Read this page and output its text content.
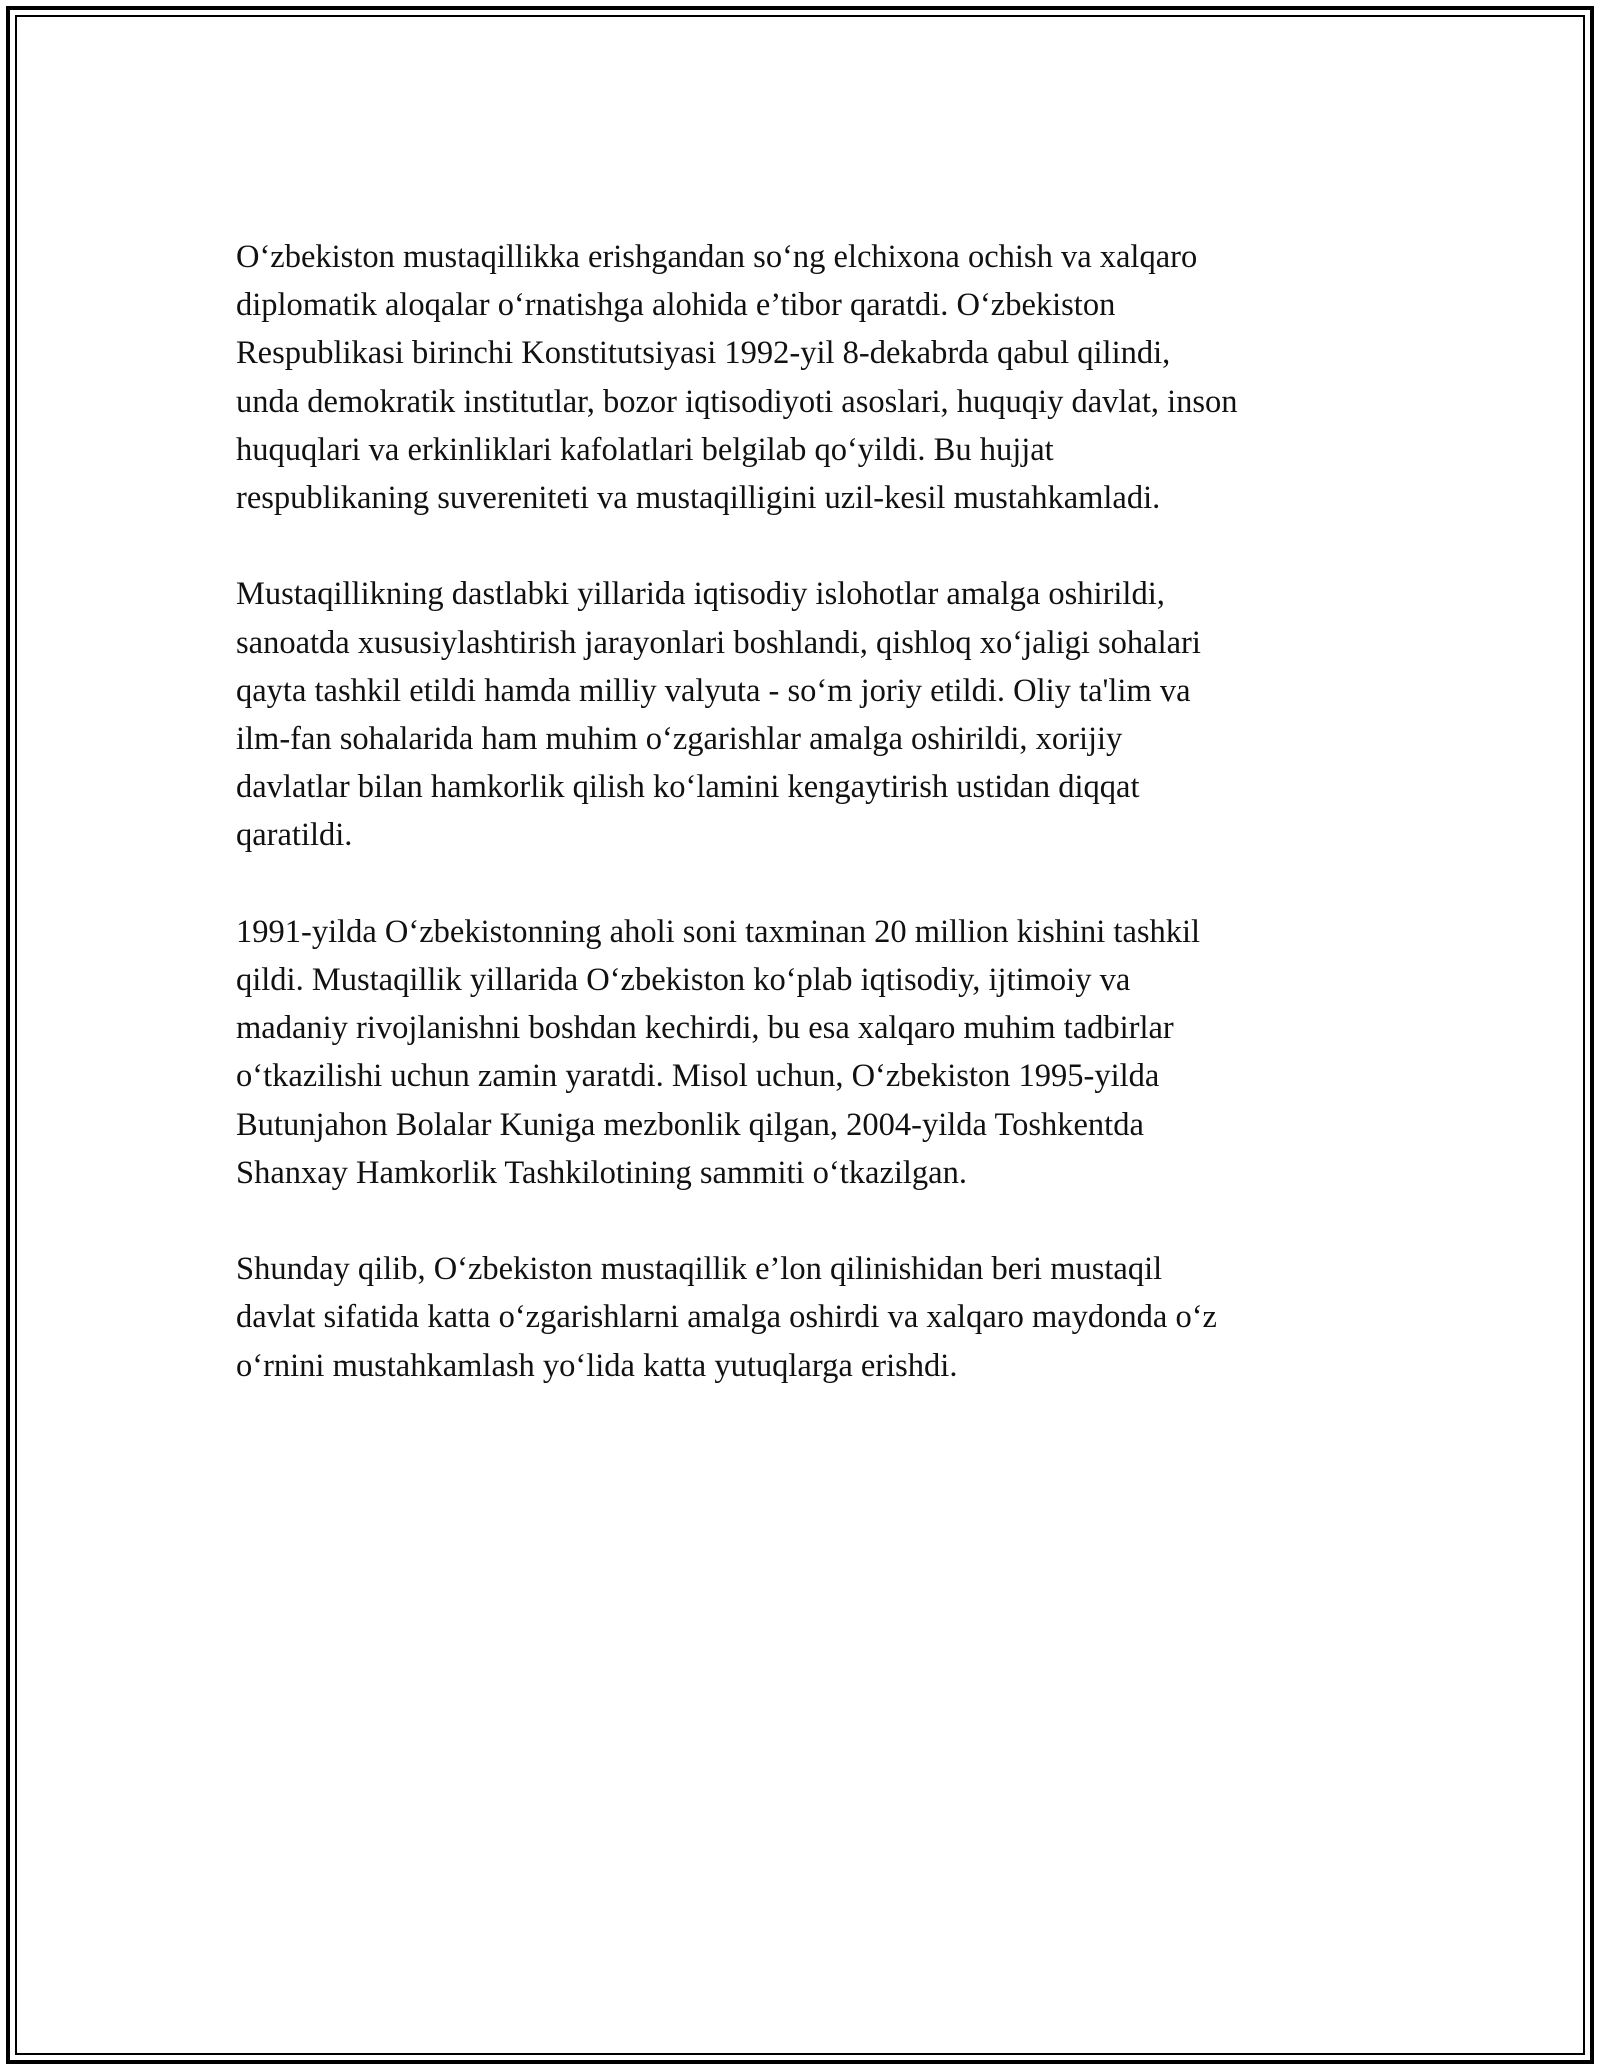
O‘zbekiston mustaqillikka erishgandan so‘ng elchixona ochish va xalqaro
diplomatik aloqalar o‘rnatishga alohida e’tibor qaratdi. O‘zbekiston
Respublikasi birinchi Konstitutsiyasi 1992-yil 8-dekabrda qabul qilindi,
unda demokratik institutlar, bozor iqtisodiyoti asoslari, huquqiy davlat, inson
huquqlari va erkinliklari kafolatlari belgilab qo‘yildi. Bu hujjat
respublikaning suvereniteti va mustaqilligini uzil-kesil mustahkamladi.

Mustaqillikning dastlabki yillarida iqtisodiy islohotlar amalga oshirildi,
sanoatda xususiylashtirish jarayonlari boshlandi, qishloq xo‘jaligi sohalari
qayta tashkil etildi hamda milliy valyuta - so‘m joriy etildi. Oliy ta'lim va
ilm-fan sohalarida ham muhim o‘zgarishlar amalga oshirildi, xorijiy
davlatlar bilan hamkorlik qilish ko‘lamini kengaytirish ustidan diqqat
qaratildi.

1991-yilda O‘zbekistonning aholi soni taxminan 20 million kishini tashkil
qildi. Mustaqillik yillarida O‘zbekiston ko‘plab iqtisodiy, ijtimoiy va
madaniy rivojlanishni boshdan kechirdi, bu esa xalqaro muhim tadbirlar
o‘tkazilishi uchun zamin yaratdi. Misol uchun, O‘zbekiston 1995-yilda
Butunjahon Bolalar Kuniga mezbonlik qilgan, 2004-yilda Toshkentda
Shanxay Hamkorlik Tashkilotining sammiti o‘tkazilgan.

Shunday qilib, O‘zbekiston mustaqillik e’lon qilinishidan beri mustaqil
davlat sifatida katta o‘zgarishlarni amalga oshirdi va xalqaro maydonda o‘z
o‘rnini mustahkamlash yo‘lida katta yutuqlarga erishdi.
